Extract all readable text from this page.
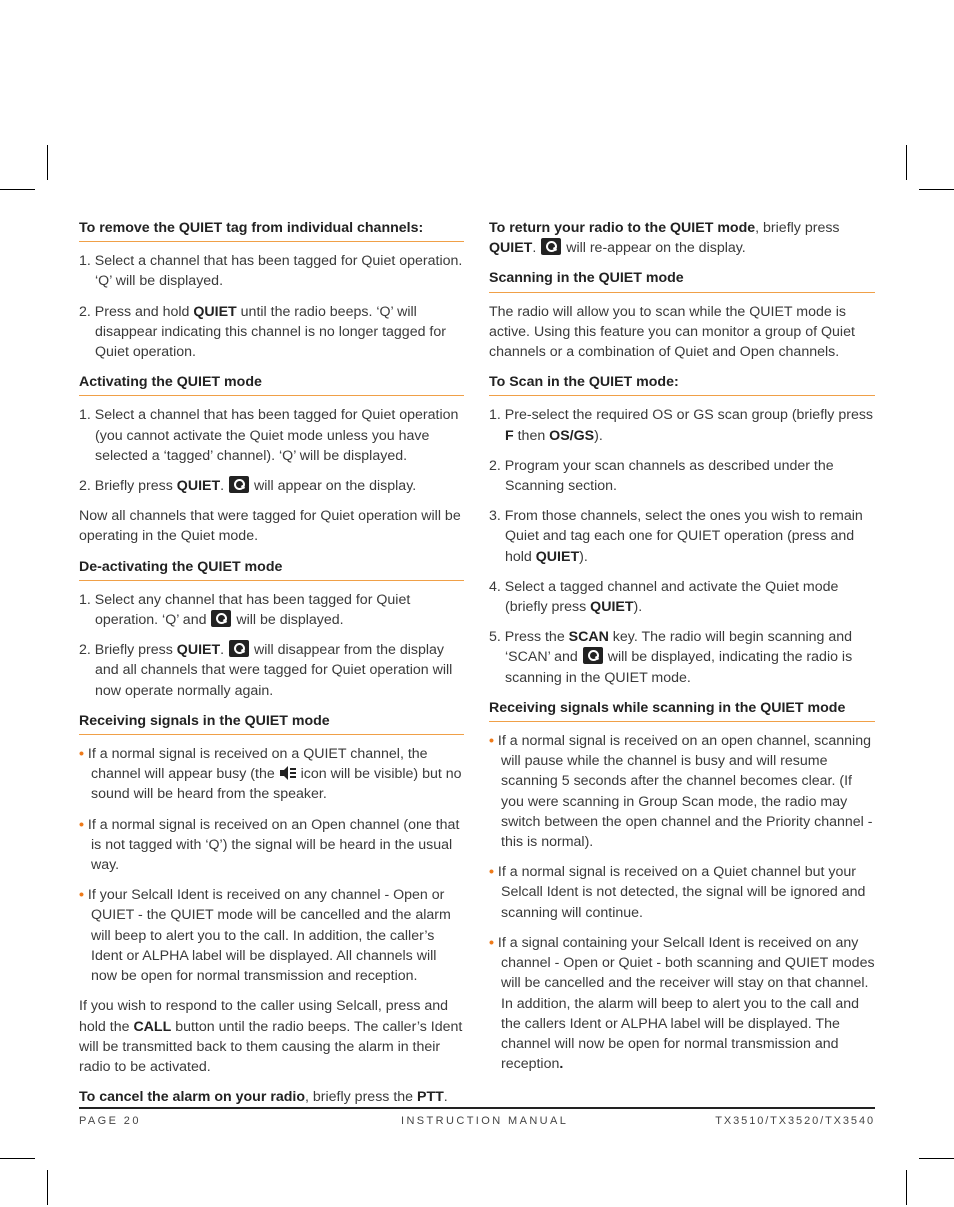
To remove the QUIET tag from individual channels:
1. Select a channel that has been tagged for Quiet operation. ‘Q’ will be displayed.
2. Press and hold QUIET until the radio beeps. ‘Q’ will disappear indicating this channel is no longer tagged for Quiet operation.
Activating the QUIET mode
1. Select a channel that has been tagged for Quiet operation (you cannot activate the Quiet mode unless you have selected a ‘tagged’ channel). ‘Q’ will be displayed.
2. Briefly press QUIET.  will appear on the display.
Now all channels that were tagged for Quiet operation will be operating in the Quiet mode.
De-activating the QUIET mode
1. Select any channel that has been tagged for Quiet operation. ‘Q’ and  will be displayed.
2. Briefly press QUIET.  will disappear from the display and all channels that were tagged for Quiet operation will now operate normally again.
Receiving signals in the QUIET mode
• If a normal signal is received on a QUIET channel, the channel will appear busy (the  icon will be visible) but no sound will be heard from the speaker.
• If a normal signal is received on an Open channel (one that is not tagged with ‘Q’) the signal will be heard in the usual way.
• If your Selcall Ident is received on any channel - Open or QUIET - the QUIET mode will be cancelled and the alarm will beep to alert you to the call. In addition, the caller’s Ident or ALPHA label will be displayed. All channels will now be open for normal transmission and reception.
If you wish to respond to the caller using Selcall, press and hold the CALL button until the radio beeps. The caller’s Ident will be transmitted back to them causing the alarm in their radio to be activated.
To cancel the alarm on your radio, briefly press the PTT.
To return your radio to the QUIET mode, briefly press QUIET.  will re-appear on the display.
Scanning in the QUIET mode
The radio will allow you to scan while the QUIET mode is active. Using this feature you can monitor a group of Quiet channels or a combination of Quiet and Open channels.
To Scan in the QUIET mode:
1. Pre-select the required OS or GS scan group (briefly press F then OS/GS).
2. Program your scan channels as described under the Scanning section.
3. From those channels, select the ones you wish to remain Quiet and tag each one for QUIET operation (press and hold QUIET).
4. Select a tagged channel and activate the Quiet mode (briefly press QUIET).
5. Press the SCAN key. The radio will begin scanning and ‘SCAN’ and  will be displayed, indicating the radio is scanning in the QUIET mode.
Receiving signals while scanning in the QUIET mode
• If a normal signal is received on an open channel, scanning will pause while the channel is busy and will resume scanning 5 seconds after the channel becomes clear. (If you were scanning in Group Scan mode, the radio may switch between the open channel and the Priority channel - this is normal).
• If a normal signal is received on a Quiet channel but your Selcall Ident is not detected, the signal will be ignored and scanning will continue.
• If a signal containing your Selcall Ident is received on any channel - Open or Quiet - both scanning and QUIET modes will be cancelled and the receiver will stay on that channel. In addition, the alarm will beep to alert you to the call and the callers Ident or ALPHA label will be displayed. The channel will now be open for normal transmission and reception.
PAGE 20	INSTRUCTION MANUAL	TX3510/TX3520/TX3540
